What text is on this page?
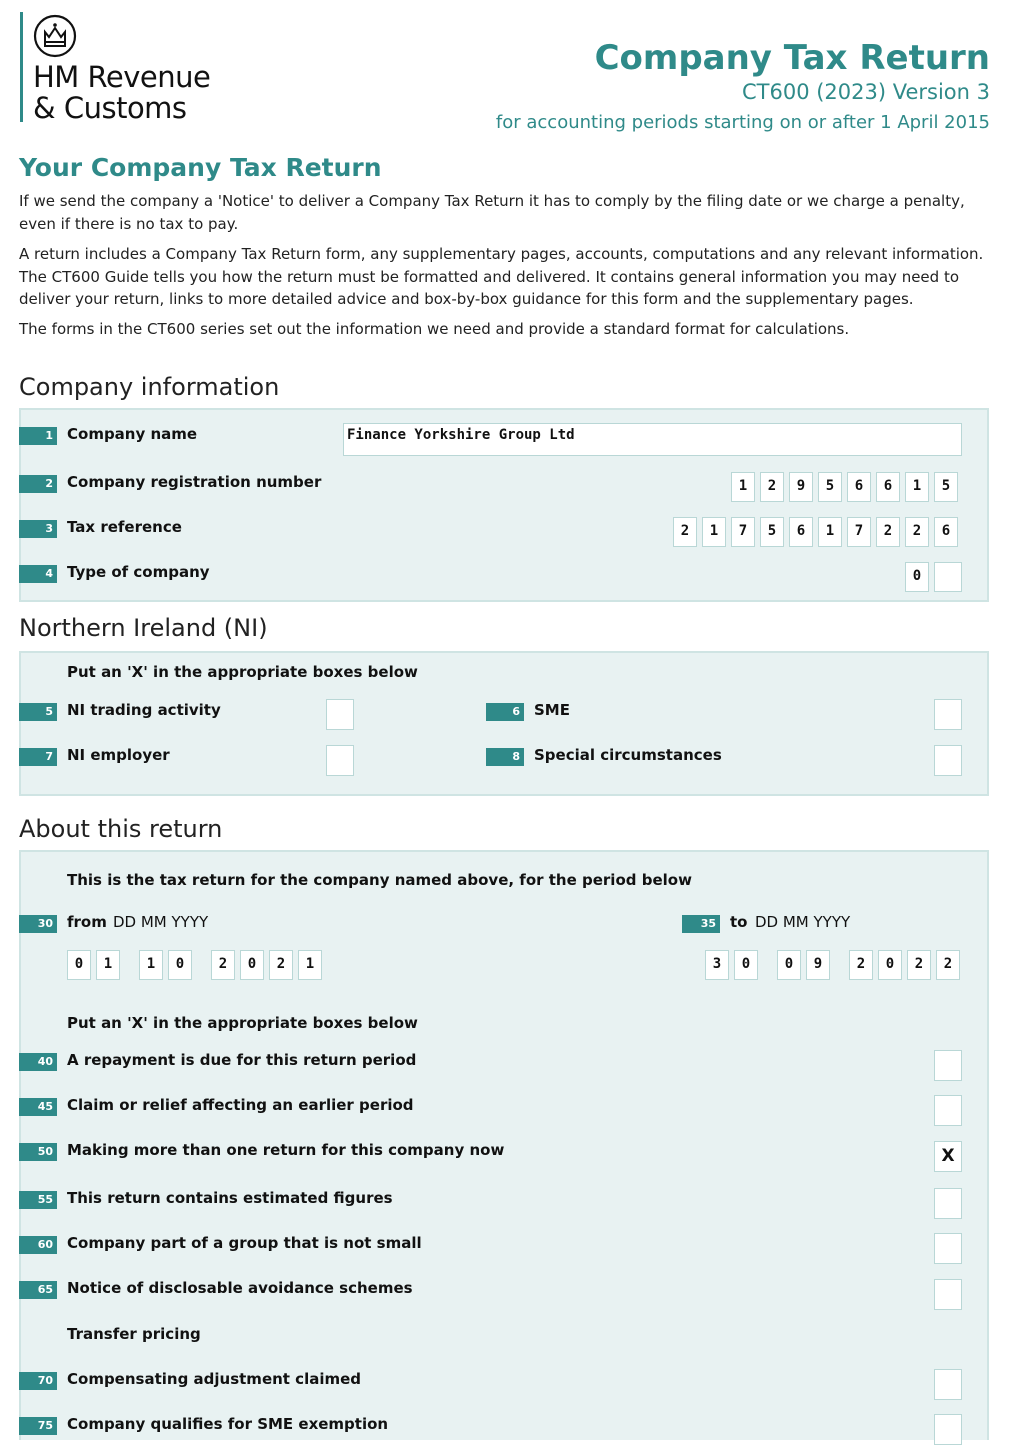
HM Revenue
& Customs
Company Tax Return
CT600 (2023) Version 3
for accounting periods starting on or after 1 April 2015
Your Company Tax Return
If we send the company a 'Notice' to deliver a Company Tax Return it has to comply by the filing date or we charge a penalty, even if there is no tax to pay.
A return includes a Company Tax Return form, any supplementary pages, accounts, computations and any relevant information. The CT600 Guide tells you how the return must be formatted and delivered. It contains general information you may need to deliver your return, links to more detailed advice and box-by-box guidance for this form and the supplementary pages.
The forms in the CT600 series set out the information we need and provide a standard format for calculations.
Company information
1 Company name	Finance Yorkshire Group Ltd
2 Company registration number	1	2	9	5	6	6	1	5
3 Tax reference	2	1	7	5	6	1	7	2	2	6
4 Type of company	0
Northern Ireland (NI)
Put an 'X' in the appropriate boxes below
5 NI trading activity	6 SME
7 NI employer	8 Special circumstances
About this return
This is the tax return for the company named above, for the period below
30 from DD MM YYYY	35 to DD MM YYYY
0	1	1	0	2	0	2	1	3	0	0	9	2	0	2	2
Put an 'X' in the appropriate boxes below
40 A repayment is due for this return period
45 Claim or relief affecting an earlier period
50 Making more than one return for this company now	X
55 This return contains estimated figures
60 Company part of a group that is not small
65 Notice of disclosable avoidance schemes
Transfer pricing
70 Compensating adjustment claimed
75 Company qualifies for SME exemption
